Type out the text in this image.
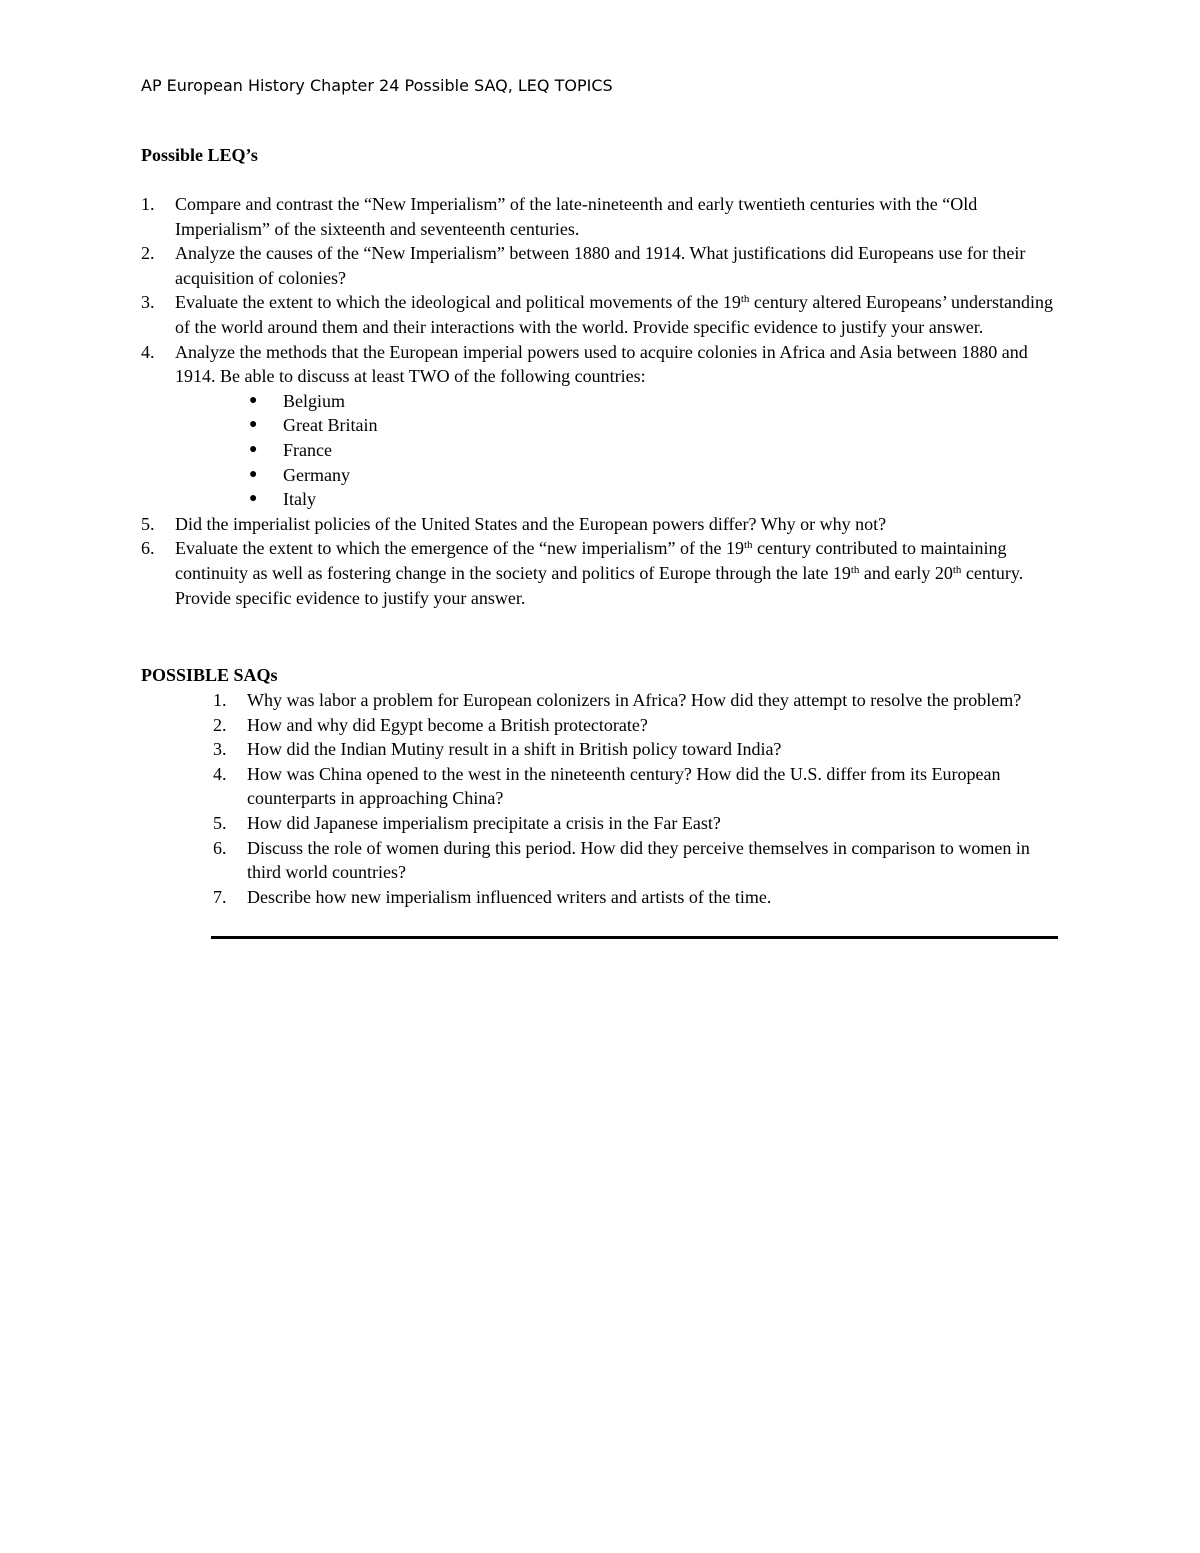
AP European History Chapter 24 Possible SAQ, LEQ TOPICS
Possible LEQ’s
1. Compare and contrast the “New Imperialism” of the late-nineteenth and early twentieth centuries with the “Old Imperialism” of the sixteenth and seventeenth centuries.
2. Analyze the causes of the “New Imperialism” between 1880 and 1914. What justifications did Europeans use for their acquisition of colonies?
3. Evaluate the extent to which the ideological and political movements of the 19th century altered Europeans’ understanding of the world around them and their interactions with the world. Provide specific evidence to justify your answer.
4. Analyze the methods that the European imperial powers used to acquire colonies in Africa and Asia between 1880 and 1914. Be able to discuss at least TWO of the following countries:
● Belgium
● Great Britain
● France
● Germany
● Italy
5. Did the imperialist policies of the United States and the European powers differ? Why or why not?
6. Evaluate the extent to which the emergence of the “new imperialism” of the 19th century contributed to maintaining continuity as well as fostering change in the society and politics of Europe through the late 19th and early 20th century. Provide specific evidence to justify your answer.
POSSIBLE SAQs
1. Why was labor a problem for European colonizers in Africa? How did they attempt to resolve the problem?
2. How and why did Egypt become a British protectorate?
3. How did the Indian Mutiny result in a shift in British policy toward India?
4. How was China opened to the west in the nineteenth century? How did the U.S. differ from its European counterparts in approaching China?
5. How did Japanese imperialism precipitate a crisis in the Far East?
6. Discuss the role of women during this period. How did they perceive themselves in comparison to women in third world countries?
7. Describe how new imperialism influenced writers and artists of the time.
